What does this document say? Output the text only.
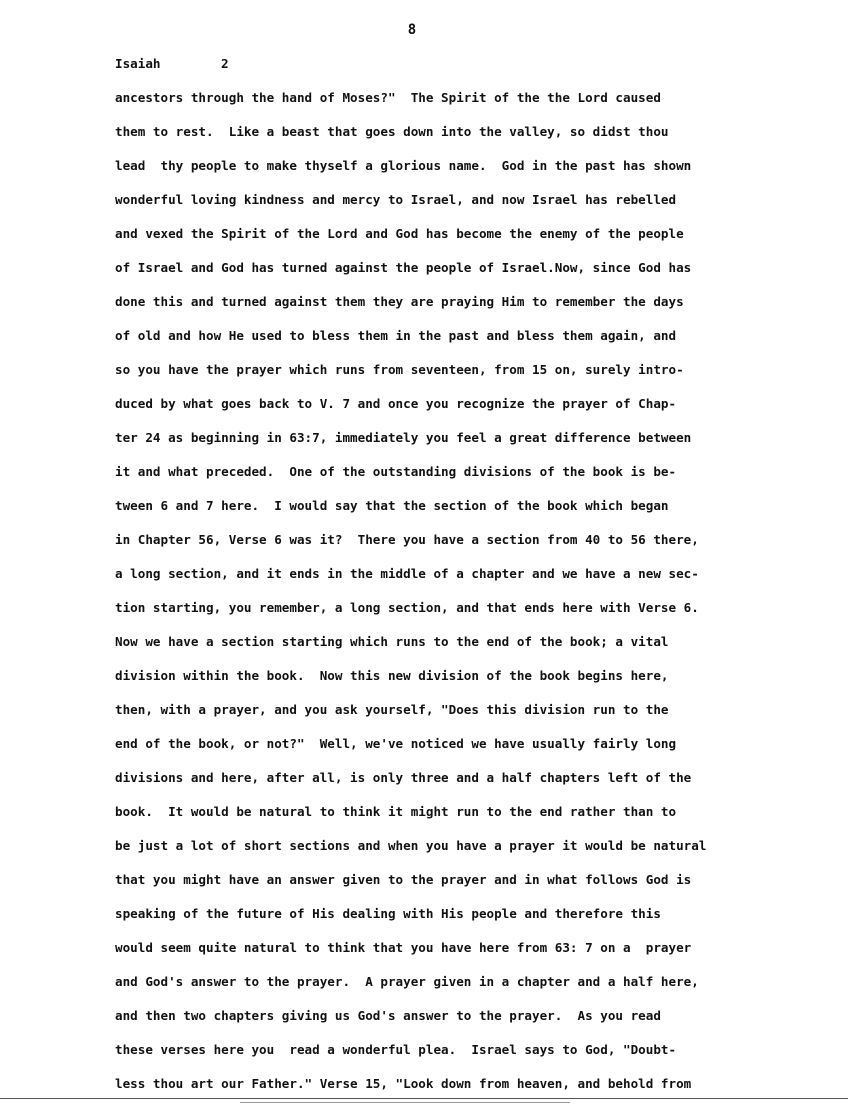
8
Isaiah	2
ancestors through the hand of Moses?"  The Spirit of the the Lord caused
them to rest.  Like a beast that goes down into the valley, so didst thou
lead  thy people to make thyself a glorious name.  God in the past has shown
wonderful loving kindness and mercy to Israel, and now Israel has rebelled
and vexed the Spirit of the Lord and God has become the enemy of the people
of Israel and God has turned against the people of Israel.Now, since God has
done this and turned against them they are praying Him to remember the days
of old and how He used to bless them in the past and bless them again, and
so you have the prayer which runs from seventeen, from 15 on, surely intro-
duced by what goes back to V. 7 and once you recognize the prayer of Chap-
ter 24 as beginning in 63:7, immediately you feel a great difference between
it and what preceded.  One of the outstanding divisions of the book is be-
tween 6 and 7 here.  I would say that the section of the book which began
in Chapter 56, Verse 6 was it?  There you have a section from 40 to 56 there,
a long section, and it ends in the middle of a chapter and we have a new sec-
tion starting, you remember, a long section, and that ends here with Verse 6.
Now we have a section starting which runs to the end of the book; a vital
division within the book.  Now this new division of the book begins here,
then, with a prayer, and you ask yourself, "Does this division run to the
end of the book, or not?"  Well, we've noticed we have usually fairly long
divisions and here, after all, is only three and a half chapters left of the
book.  It would be natural to think it might run to the end rather than to
be just a lot of short sections and when you have a prayer it would be natural
that you might have an answer given to the prayer and in what follows God is
speaking of the future of His dealing with His people and therefore this
would seem quite natural to think that you have here from 63: 7 on a  prayer
and God's answer to the prayer.  A prayer given in a chapter and a half here,
and then two chapters giving us God's answer to the prayer.  As you read
these verses here you  read a wonderful plea.  Israel says to God, "Doubt-
less thou art our Father." Verse 15, "Look down from heaven, and behold from
